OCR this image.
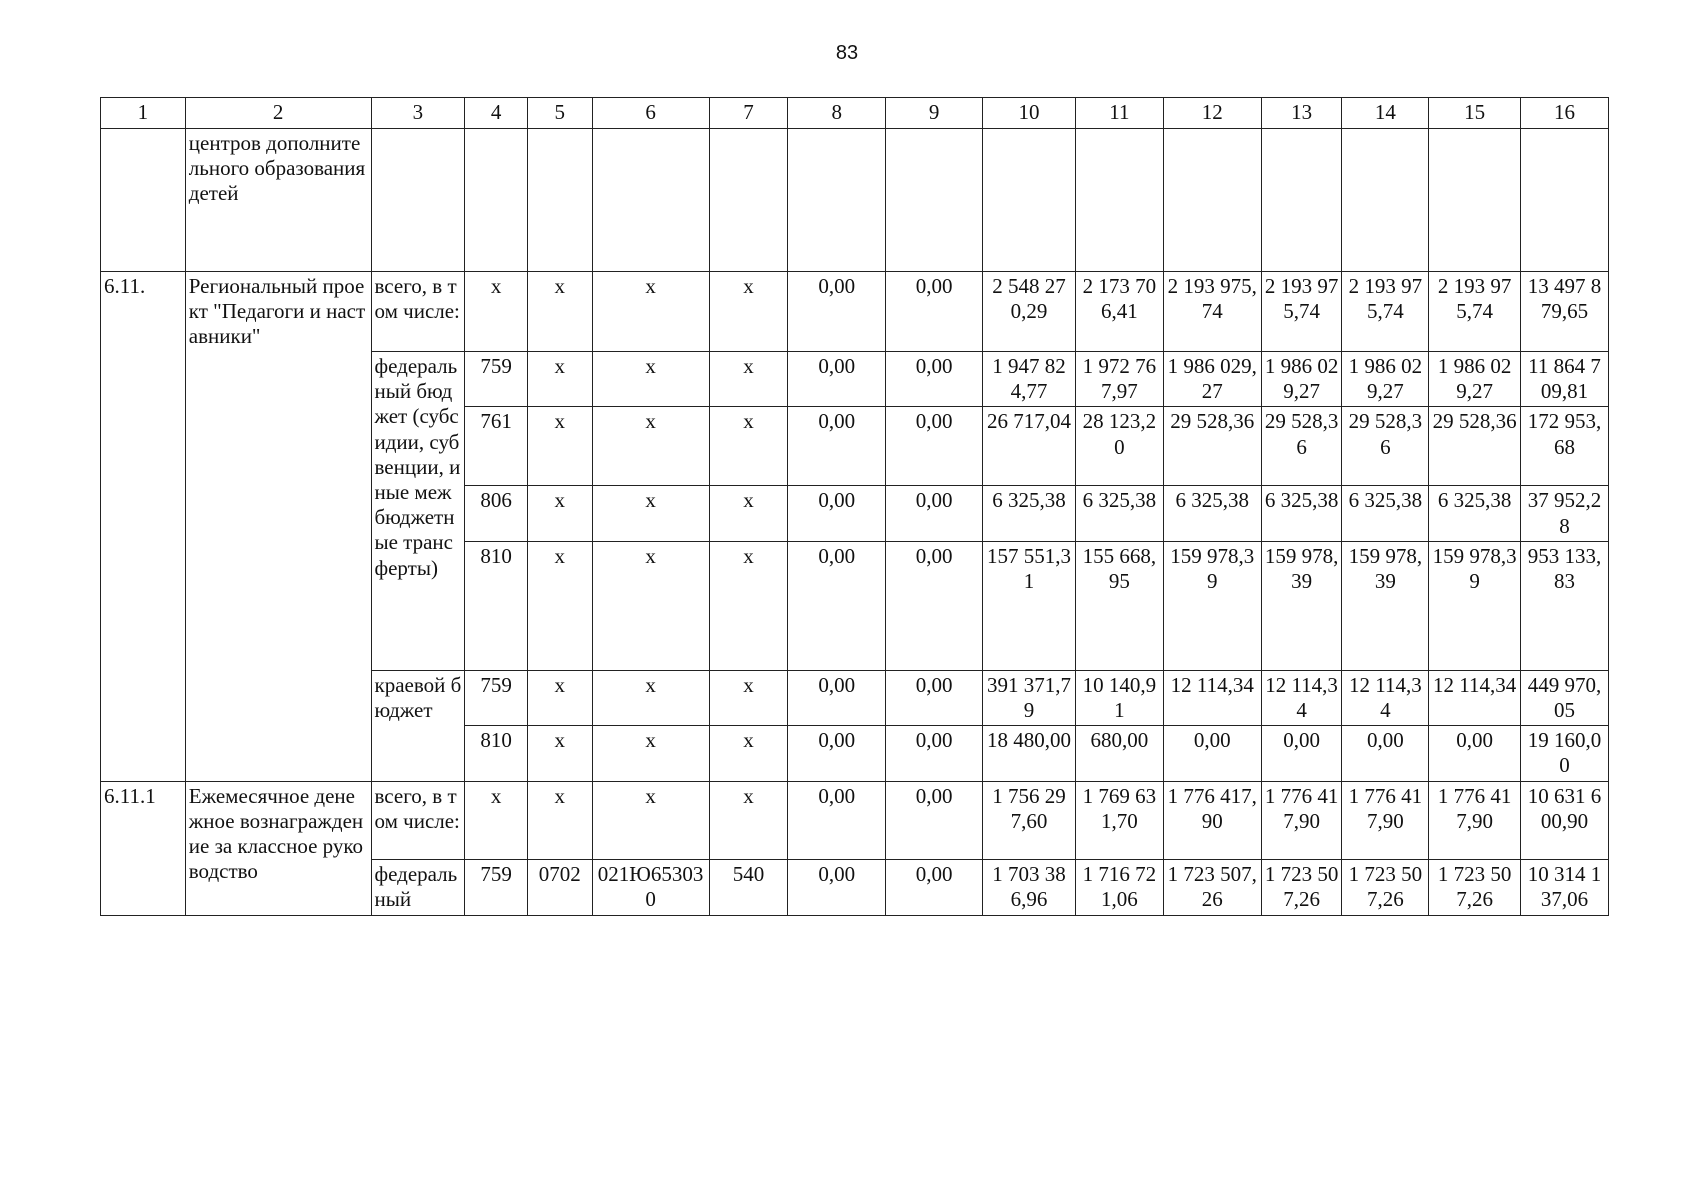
83
1	2	3	4	5	6	7	8	9	10	11	12	13	14	15	16
	центров дополнительного образования детей														
6.11.	Региональный проект "Педагоги и наставники"	всего, в том числе:	х	х	х	х	0,00	0,00	2 548 270,29	2 173 706,41	2 193 975,74	2 193 975,74	2 193 975,74	2 193 975,74	13 497 879,65
		федеральный бюджет (субсидии, субвенции, иные межбюджетные трансферты)	759	х	х	х	0,00	0,00	1 947 824,77	1 972 767,97	1 986 029,27	1 986 029,27	1 986 029,27	1 986 029,27	11 864 709,81
			761	х	х	х	0,00	0,00	26 717,04	28 123,20	29 528,36	29 528,36	29 528,36	29 528,36	172 953,68
			806	х	х	х	0,00	0,00	6 325,38	6 325,38	6 325,38	6 325,38	6 325,38	6 325,38	37 952,28
			810	х	х	х	0,00	0,00	157 551,31	155 668,95	159 978,39	159 978,39	159 978,39	159 978,39	953 133,83
		краевой бюджет	759	х	х	х	0,00	0,00	391 371,79	10 140,91	12 114,34	12 114,34	12 114,34	12 114,34	449 970,05
			810	х	х	х	0,00	0,00	18 480,00	680,00	0,00	0,00	0,00	0,00	19 160,00
6.11.1	Ежемесячное денежное вознаграждение за классное руководство	всего, в том числе:	х	х	х	х	0,00	0,00	1 756 297,60	1 769 631,70	1 776 417,90	1 776 417,90	1 776 417,90	1 776 417,90	10 631 600,90
		федеральный	759	0702	021Ю653030	540	0,00	0,00	1 703 386,96	1 716 721,06	1 723 507,26	1 723 507,26	1 723 507,26	1 723 507,26	10 314 137,06
